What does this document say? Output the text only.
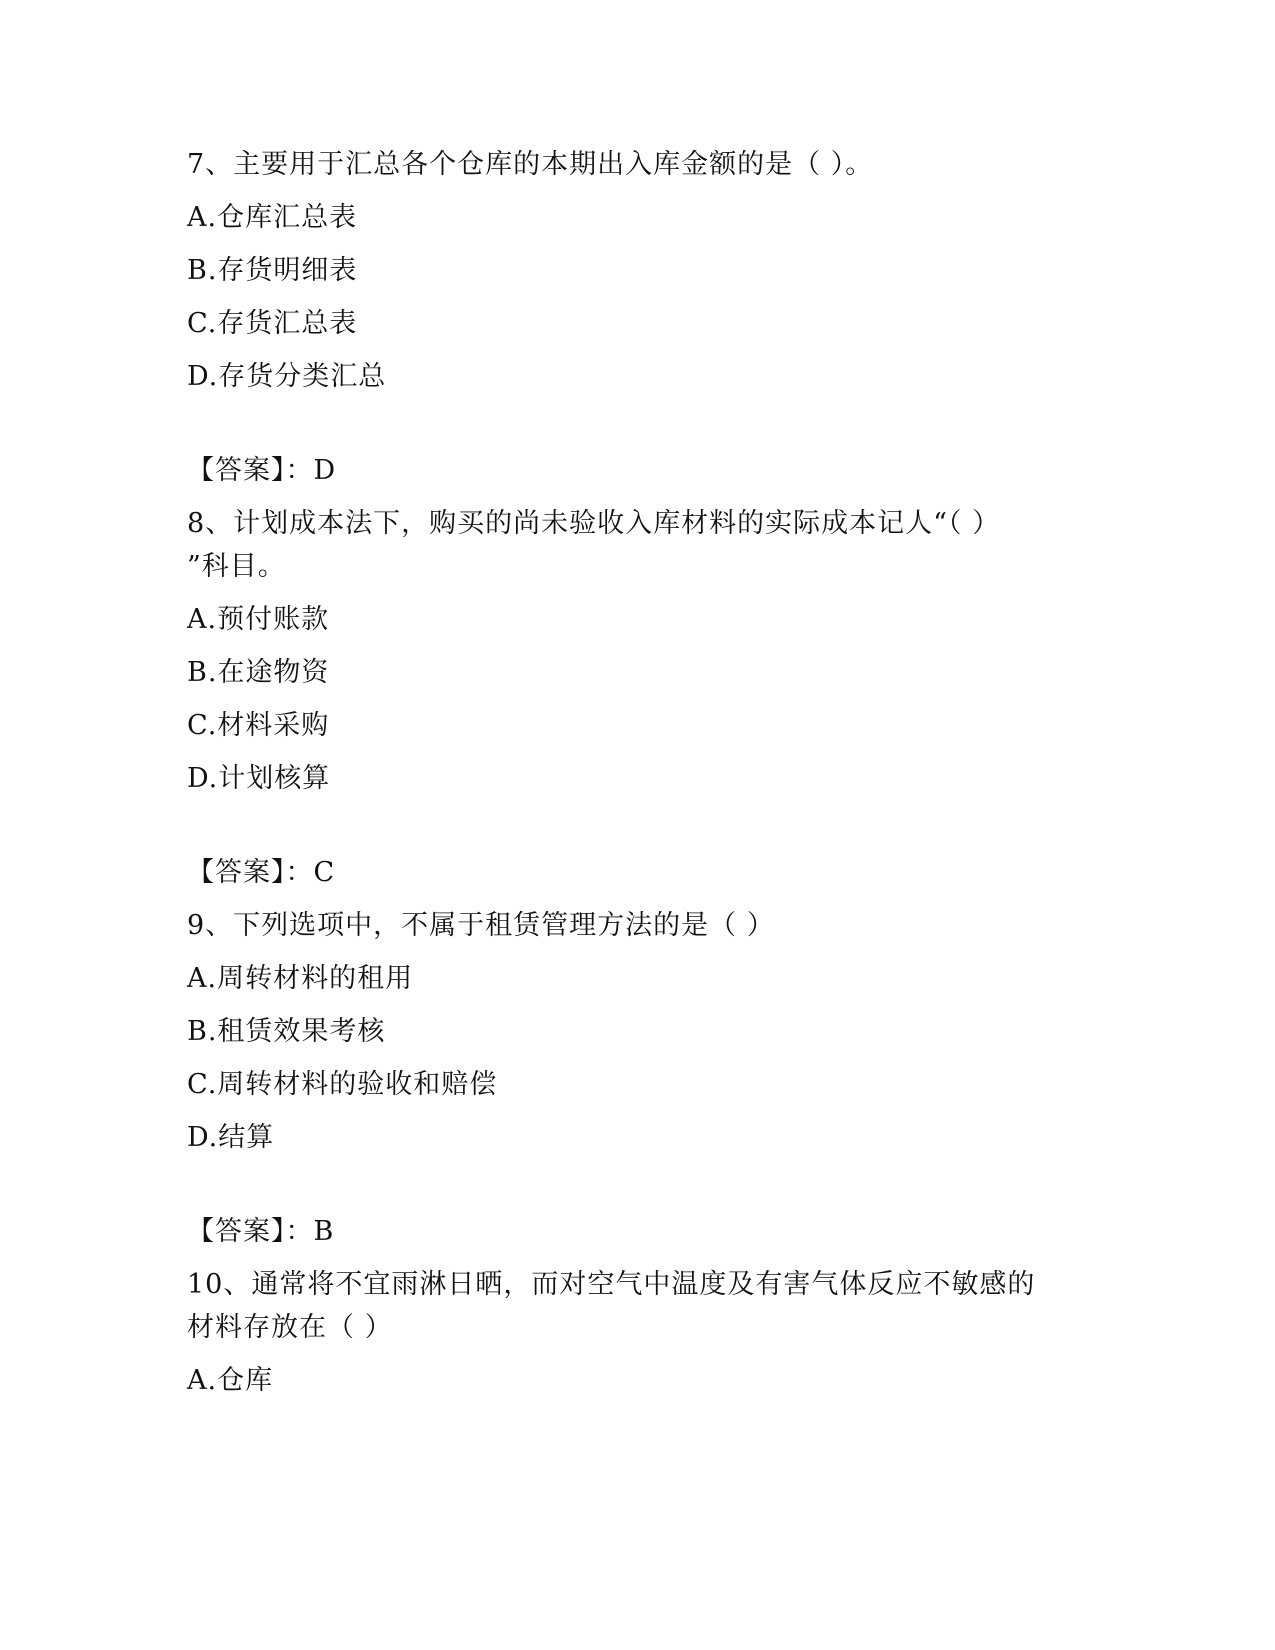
7、主要用于汇总各个仓库的本期出入库金额的是（ ）。
A.仓库汇总表
B.存货明细表
C.存货汇总表
D.存货分类汇总
【答案】：D
8、计划成本法下，购买的尚未验收入库材料的实际成本记人“（ ）
”科目。
A.预付账款
B.在途物资
C.材料采购
D.计划核算
【答案】：C
9、下列选项中，不属于租赁管理方法的是（ ）
A.周转材料的租用
B.租赁效果考核
C.周转材料的验收和赔偿
D.结算
【答案】：B
10、通常将不宜雨淋日晒，而对空气中温度及有害气体反应不敏感的
材料存放在（ ）
A.仓库
